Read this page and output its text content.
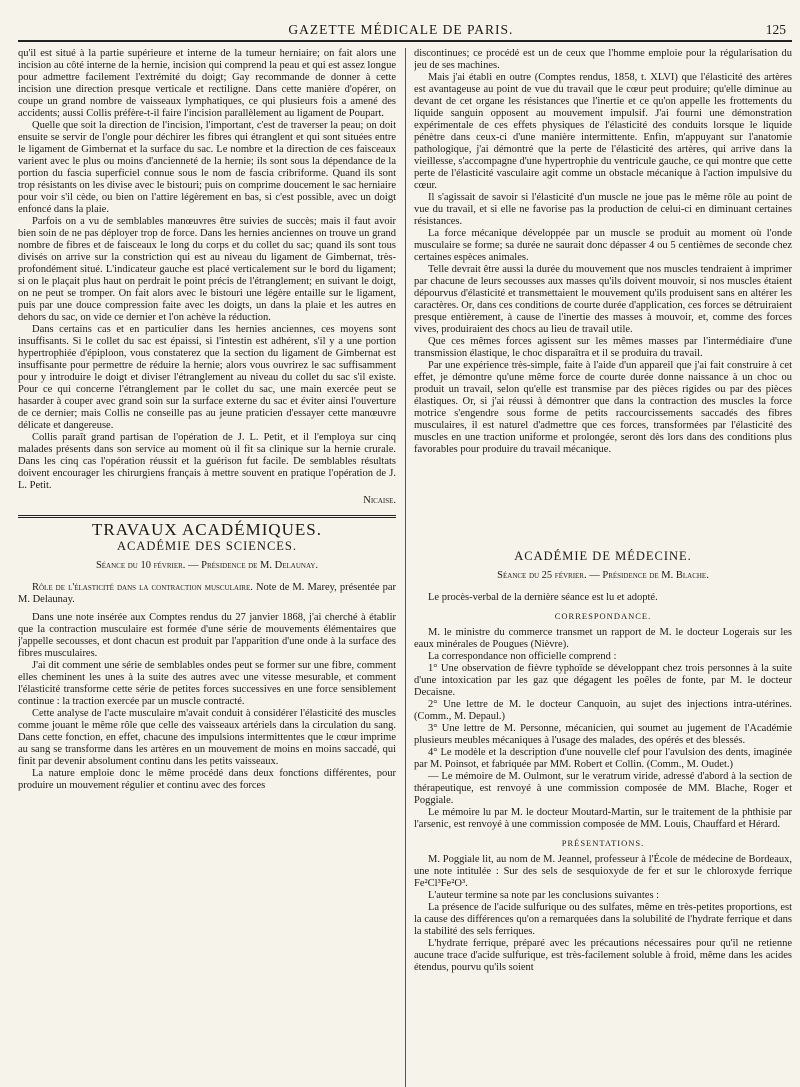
GAZETTE MÉDICALE DE PARIS.	125

qu'il est situé à la partie supérieure et interne de la tumeur herniaire; on fait alors une incision au côté interne de la hernie, incision qui comprend la peau et qui est assez longue pour admettre facilement l'extrémité du doigt; Gay recommande de donner à cette incision une direction presque verticale et rectiligne. Dans cette manière d'opérer, on coupe un grand nombre de vaisseaux lymphatiques, ce qui plusieurs fois a amené des accidents; aussi Collis préfère-t-il faire l'incision parallèlement au ligament de Poupart.

Quelle que soit la direction de l'incision, l'important, c'est de traverser la peau; on doit ensuite se servir de l'ongle pour déchirer les fibres qui étranglent et qui sont situées entre le ligament de Gimbernat et la surface du sac. Le nombre et la direction de ces faisceaux varient avec le plus ou moins d'ancienneté de la hernie; ils sont sous la dépendance de la portion du fascia superficiel connue sous le nom de fascia cribriforme. Quand ils sont trop résistants on les divise avec le bistouri; puis on comprime doucement le sac herniaire pour voir s'il cède, ou bien on l'attire légèrement en bas, si c'est possible, avec un doigt enfoncé dans la plaie.

Parfois on a vu de semblables manœuvres être suivies de succès; mais il faut avoir bien soin de ne pas déployer trop de force. Dans les hernies anciennes on trouve un grand nombre de fibres et de faisceaux le long du corps et du collet du sac; quand ils sont tous divisés on arrive sur la constriction qui est au niveau du ligament de Gimbernat, très-profondément situé. L'indicateur gauche est placé verticalement sur le bord du ligament; si on le plaçait plus haut on perdrait le point précis de l'étranglement; en suivant le doigt, on ne peut se tromper. On fait alors avec le bistouri une légère entaille sur le ligament, puis par une douce compression faite avec les doigts, un dans la plaie et les autres en dehors du sac, on vide ce dernier et l'on achève la réduction.

Dans certains cas et en particulier dans les hernies anciennes, ces moyens sont insuffisants. Si le collet du sac est épaissi, si l'intestin est adhérent, s'il y a une portion hypertrophiée d'épiploon, vous constaterez que la section du ligament de Gimbernat est insuffisante pour permettre de réduire la hernie; alors vous ouvrirez le sac suffisamment pour y introduire le doigt et diviser l'étranglement au niveau du collet du sac s'il existe. Pour ce qui concerne l'étranglement par le collet du sac, une main exercée peut se hasarder à couper avec grand soin sur la surface externe du sac et éviter ainsi l'ouverture de ce dernier; mais Collis ne conseille pas au jeune praticien d'essayer cette manœuvre délicate et dangereuse.

Collis paraît grand partisan de l'opération de J. L. Petit, et il l'employa sur cinq malades présents dans son service au moment où il fit sa clinique sur la hernie crurale. Dans les cinq cas l'opération réussit et la guérison fut facile. De semblables résultats doivent encourager les chirurgiens français à mettre souvent en pratique l'opération de J. L. Petit.

Nicaise.
TRAVAUX ACADÉMIQUES.
ACADÉMIE DES SCIENCES.
Séance du 10 février. — Présidence de M. Delaunay.

Rôle de l'élasticité dans la contraction musculaire. Note de M. Marey, présentée par M. Delaunay.

Dans une note insérée aux Comptes rendus du 27 janvier 1868, j'ai cherché à établir que la contraction musculaire est formée d'une série de mouvements élémentaires que j'appelle secousses, et dont chacun est produit par l'apparition d'une onde à la surface des fibres musculaires.

J'ai dit comment une série de semblables ondes peut se former sur une fibre, comment elles cheminent les unes à la suite des autres avec une vitesse mesurable, et comment l'élasticité transforme cette série de petites forces successives en une force sensiblement continue : la traction exercée par un muscle contracté.

Cette analyse de l'acte musculaire m'avait conduit à considérer l'élasticité des muscles comme jouant le même rôle que celle des vaisseaux artériels dans la circulation du sang. Dans cette fonction, en effet, chacune des impulsions intermittentes que le cœur imprime au sang se transforme dans les artères en un mouvement de moins en moins saccadé, qui finit par devenir absolument continu dans les petits vaisseaux.

La nature emploie donc le même procédé dans deux fonctions différentes, pour produire un mouvement régulier et continu avec des forces

discontinues; ce procédé est un de ceux que l'homme emploie pour la régularisation du jeu de ses machines.

Mais j'ai établi en outre (Comptes rendus, 1858, t. XLVI) que l'élasticité des artères est avantageuse au point de vue du travail que le cœur peut produire; qu'elle diminue au devant de cet organe les résistances que l'inertie et ce qu'on appelle les frottements du liquide sanguin opposent au mouvement impulsif. J'ai fourni une démonstration expérimentale de ces effets physiques de l'élasticité des conduits lorsque le liquide pénètre dans ceux-ci d'une manière intermittente. Enfin, m'appuyant sur l'anatomie pathologique, j'ai démontré que la perte de l'élasticité des artères, qui arrive dans la vieillesse, s'accompagne d'une hypertrophie du ventricule gauche, ce qui montre que cette perte de l'élasticité vasculaire agit comme un obstacle mécanique à l'action impulsive du cœur.

Il s'agissait de savoir si l'élasticité d'un muscle ne joue pas le même rôle au point de vue du travail, et si elle ne favorise pas la production de celui-ci en diminuant certaines résistances.

La force mécanique développée par un muscle se produit au moment où l'onde musculaire se forme; sa durée ne saurait donc dépasser 4 ou 5 centièmes de seconde chez certaines espèces animales.

Telle devrait être aussi la durée du mouvement que nos muscles tendraient à imprimer par chacune de leurs secousses aux masses qu'ils doivent mouvoir, si nos muscles étaient dépourvus d'élasticité et transmettaient le mouvement qu'ils produisent sans en altérer les caractères. Or, dans ces conditions de courte durée d'application, ces forces se détruiraient presque entièrement, à cause de l'inertie des masses à mouvoir, et, comme des forces vives, produiraient des chocs au lieu de travail utile.

Que ces mêmes forces agissent sur les mêmes masses par l'intermédiaire d'une transmission élastique, le choc disparaîtra et il se produira du travail.

Par une expérience très-simple, faite à l'aide d'un appareil que j'ai fait construire à cet effet, je démontre qu'une même force de courte durée donne naissance à un choc ou produit un travail, selon qu'elle est transmise par des pièces rigides ou par des pièces élastiques. Or, si j'ai réussi à démontrer que dans la contraction des muscles la force motrice s'engendre sous forme de petits raccourcissements saccadés des fibres musculaires, il est naturel d'admettre que ces forces, transformées par l'élasticité des muscles en une traction uniforme et prolongée, seront dès lors dans des conditions plus favorables pour produire du travail mécanique.

ACADÉMIE DE MÉDECINE.
Séance du 25 février. — Présidence de M. Blache.

Le procès-verbal de la dernière séance est lu et adopté.

CORRESPONDANCE.

M. le ministre du commerce transmet un rapport de M. le docteur Logerais sur les eaux minérales de Pougues (Nièvre).

La correspondance non officielle comprend :

1° Une observation de fièvre typhoïde se développant chez trois personnes à la suite d'une intoxication par les gaz que dégagent les poêles de fonte, par M. le docteur Decaisne.

2° Une lettre de M. le docteur Canquoin, au sujet des injections intra-utérines. (Comm., M. Depaul.)

3° Une lettre de M. Personne, mécanicien, qui soumet au jugement de l'Académie plusieurs meubles mécaniques à l'usage des malades, des opérés et des blessés.

4° Le modèle et la description d'une nouvelle clef pour l'avulsion des dents, imaginée par M. Poinsot, et fabriquée par MM. Robert et Collin. (Comm., M. Oudet.)

— Le mémoire de M. Oulmont, sur le veratrum viride, adressé d'abord à la section de thérapeutique, est renvoyé à une commission composée de MM. Blache, Roger et Poggiale.

Le mémoire lu par M. le docteur Moutard-Martin, sur le traitement de la phthisie par l'arsenic, est renvoyé à une commission composée de MM. Louis, Chauffard et Hérard.

PRÉSENTATIONS.

M. Poggiale lit, au nom de M. Jeannel, professeur à l'École de médecine de Bordeaux, une note intitulée : Sur des sels de sesquioxyde de fer et sur le chloroxyde ferrique Fe²Cl³Fe²O³.

L'auteur termine sa note par les conclusions suivantes :

La présence de l'acide sulfurique ou des sulfates, même en très-petites proportions, est la cause des différences qu'on a remarquées dans la solubilité de l'hydrate ferrique et dans la stabilité des sels ferriques.

L'hydrate ferrique, préparé avec les précautions nécessaires pour qu'il ne retienne aucune trace d'acide sulfurique, est très-facilement soluble à froid, même dans les acides étendus, pourvu qu'ils soient
